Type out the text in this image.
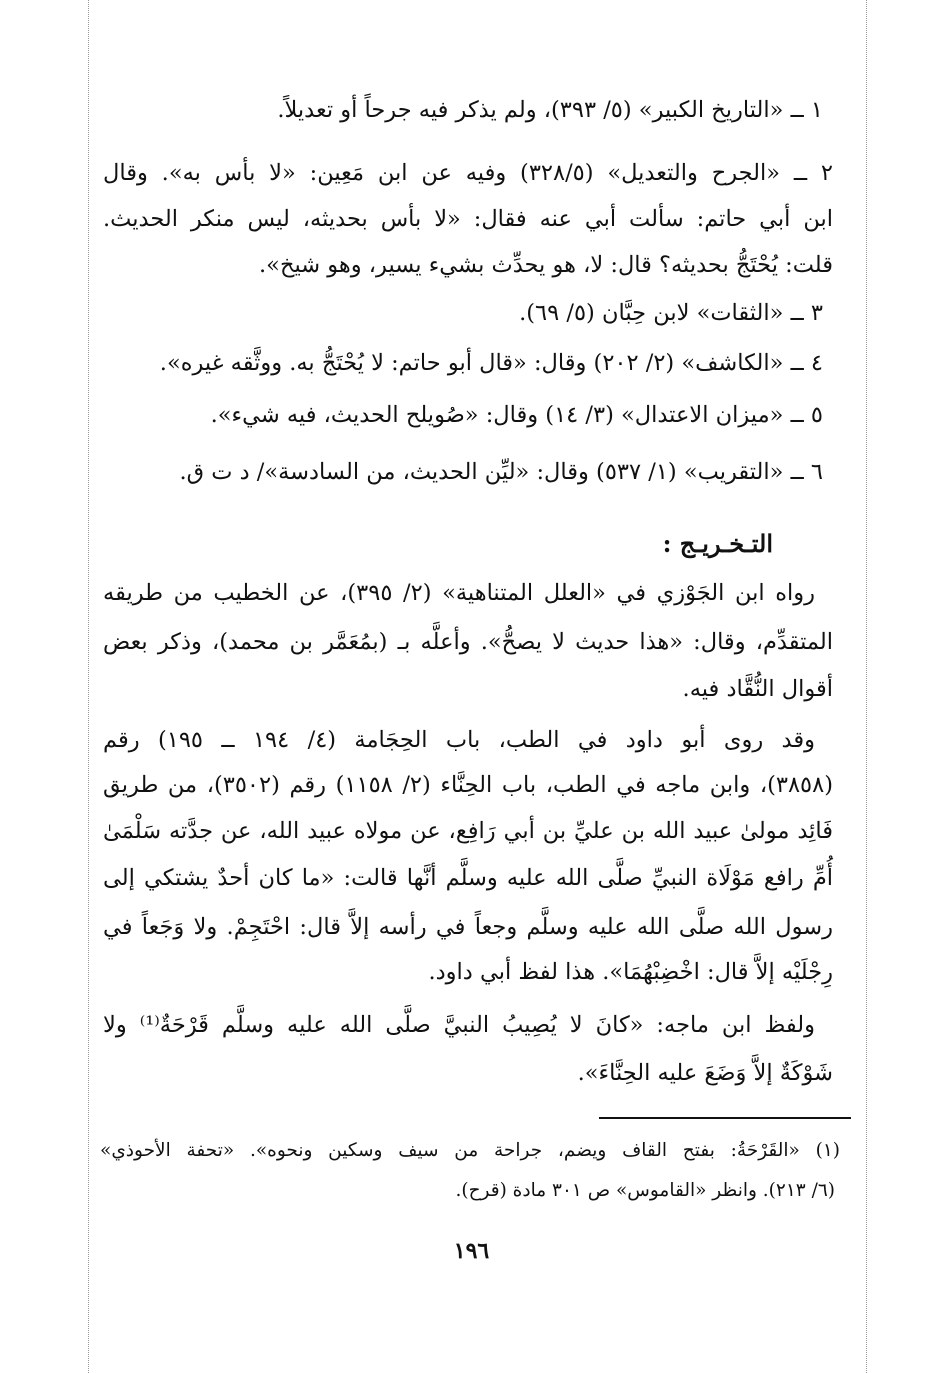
١ ــ «التاريخ الكبير» (٥/ ٣٩٣)، ولم يذكر فيه جرحاً أو تعديلاً.
٢ ــ «الجرح والتعديل» (٣٢٨/٥) وفيه عن ابن مَعِين: «لا بأس به». وقال
ابن أبي حاتم: سألت أبي عنه فقال: «لا بأس بحديثه، ليس منكر الحديث.
قلت: يُحْتَجُّ بحديثه؟ قال: لا، هو يحدِّث بشيء يسير، وهو شيخ».
٣ ــ «الثقات» لابن حِبَّان (٥/ ٦٩).
٤ ــ «الكاشف» (٢/ ٢٠٢) وقال: «قال أبو حاتم: لا يُحْتَجُّ به. ووثَّقه غيره».
٥ ــ «ميزان الاعتدال» (٣/ ١٤) وقال: «صُويلح الحديث، فيه شيء».
٦ ــ «التقريب» (١/ ٥٣٧) وقال: «ليِّن الحديث، من السادسة»/ د ت ق.
التـخـريـج :
رواه ابن الجَوْزي في «العلل المتناهية» (٢/ ٣٩٥)، عن الخطيب من طريقه
المتقدِّم، وقال: «هذا حديث لا يصحُّ». وأعلَّه بـ (بمُعَمَّر بن محمد)، وذكر بعض
أقوال النُّقَّاد فيه.
وقد روى أبو داود في الطب، باب الحِجَامة (٤/ ١٩٤ ــ ١٩٥) رقم
(٣٨٥٨)، وابن ماجه في الطب، باب الحِنَّاء (٢/ ١١٥٨) رقم (٣٥٠٢)، من طريق
فَائِد مولىٰ عبيد الله بن عليِّ بن أبي رَافِع، عن مولاه عبيد الله، عن جدَّته سَلْمَىٰ
أُمِّ رافع مَوْلَاة النبيِّ صلَّى الله عليه وسلَّم أنَّها قالت: «ما كان أحدٌ يشتكي إلى
رسول الله صلَّى الله عليه وسلَّم وجعاً في رأسه إلاَّ قال: احْتَجِمْ. ولا وَجَعاً في
رِجْلَيْه إلاَّ قال: اخْضِبْهُمَا». هذا لفظ أبي داود.
ولفظ ابن ماجه: «كانَ لا يُصِيبُ النبيَّ صلَّى الله عليه وسلَّم قَرْحَةٌ⁽¹⁾ ولا
شَوْكَةٌ إلاَّ وَضَعَ عليه الحِنَّاءَ».
(١) «القَرْحَةُ: بفتح القاف ويضم، جراحة من سيف وسكين ونحوه». «تحفة الأحوذي»
(٦/ ٢١٣). وانظر «القاموس» ص ٣٠١ مادة (قرح).
١٩٦
